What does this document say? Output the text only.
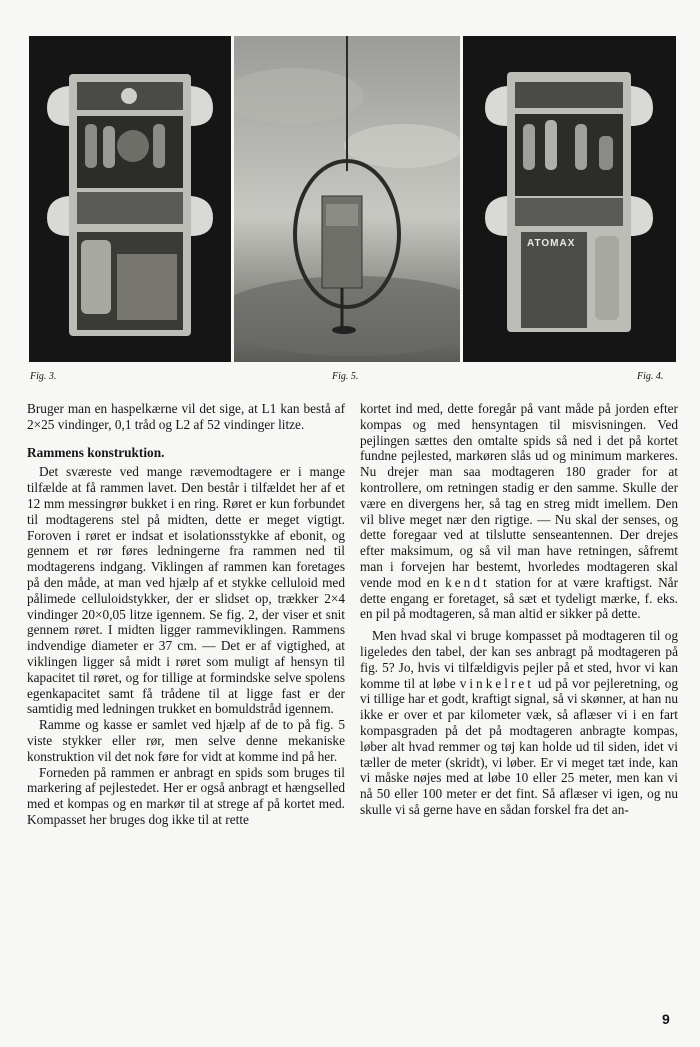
ATOMAX
Fig. 3.	Fig. 5.	Fig. 4.

Bruger man en haspelkærne vil det sige, at L1 kan bestå af 2×25 vindinger, 0,1 tråd og L2 af 52 vindinger litze.

Rammens konstruktion.

Det sværeste ved mange rævemodtagere er i mange tilfælde at få rammen lavet. Den består i tilfældet her af et 12 mm messingrør bukket i en ring. Røret er kun forbundet til modtagerens stel på midten, dette er meget vigtigt. Foroven i røret er indsat et isolationsstykke af ebonit, og gennem et rør føres ledningerne fra rammen ned til modtagerens indgang. Viklingen af rammen kan foretages på den måde, at man ved hjælp af et stykke celluloid med pålimede celluloidstykker, der er slidset op, trækker 2×4 vindinger 20×0,05 litze igennem. Se fig. 2, der viser et snit gennem røret. I midten ligger rammeviklingen. Rammens indvendige diameter er 37 cm. — Det er af vigtighed, at viklingen ligger så midt i røret som muligt af hensyn til kapacitet til røret, og for tillige at formindske selve spolens egenkapacitet samt få trådene til at ligge fast er der samtidig med ledningen trukket en bomuldstråd igennem.

Ramme og kasse er samlet ved hjælp af de to på fig. 5 viste stykker eller rør, men selve denne mekaniske konstruktion vil det nok føre for vidt at komme ind på her.

Forneden på rammen er anbragt en spids som bruges til markering af pejlestedet. Her er også anbragt et hængselled med et kompas og en markør til at strege af på kortet med. Kompasset her bruges dog ikke til at rette

kortet ind med, dette foregår på vant måde på jorden efter kompas og med hensyntagen til misvisningen. Ved pejlingen sættes den omtalte spids så ned i det på kortet fundne pejlested, markøren slås ud og minimum markeres. Nu drejer man saa modtageren 180 grader for at kontrollere, om retningen stadig er den samme. Skulle der være en divergens her, så tag en streg midt imellem. Den vil blive meget nær den rigtige. — Nu skal der senses, og dette foregaar ved at tilslutte senseantennen. Der drejes efter maksimum, og så vil man have retningen, såfremt man i forvejen har bestemt, hvorledes modtageren skal vende mod en kendt station for at være kraftigst. Når dette engang er foretaget, så sæt et tydeligt mærke, f. eks. en pil på modtageren, så man altid er sikker på dette.

Men hvad skal vi bruge kompasset på modtageren til og ligeledes den tabel, der kan ses anbragt på modtageren på fig. 5? Jo, hvis vi tilfældigvis pejler på et sted, hvor vi kan komme til at løbe vinkelret ud på vor pejleretning, og vi tillige har et godt, kraftigt signal, så vi skønner, at han nu ikke er over et par kilometer væk, så aflæser vi i en fart kompasgraden på det på modtageren anbragte kompas, løber alt hvad remmer og tøj kan holde ud til siden, idet vi tæller de meter (skridt), vi løber. Er vi meget tæt inde, kan vi måske nøjes med at løbe 10 eller 25 meter, men kan vi nå 50 eller 100 meter er det fint. Så aflæser vi igen, og nu skulle vi så gerne have en sådan forskel fra det an-

9
